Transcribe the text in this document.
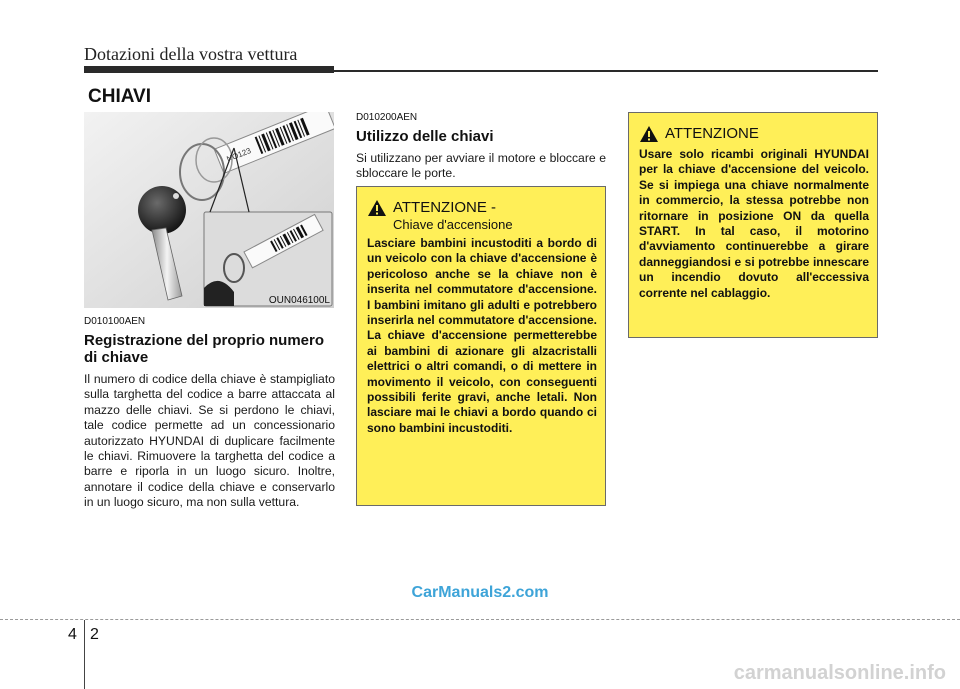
Dotazioni della vostra vettura
CHIAVI
NO123
OUN046100L
D010100AEN
Registrazione del proprio numero di chiave
Il numero di codice della chiave è stampigliato sulla targhetta del codice a barre attaccata al mazzo delle chiavi. Se si perdono le chiavi, tale codice permette ad un concessionario autorizzato HYUNDAI di duplicare facilmente le chiavi. Rimuovere la targhetta del codice a barre e riporla in un luogo sicuro. Inoltre, annotare il codice della chiave e conservarlo in un luogo sicuro, ma non sulla vettura.
D010200AEN
Utilizzo delle chiavi
Si utilizzano per avviare il motore e bloccare e sbloccare le porte.
ATTENZIONE -
Chiave d'accensione
Lasciare bambini incustoditi a bordo di un veicolo con la chiave d'accensione è pericoloso anche se la chiave non è inserita nel commutatore d'accensione. I bambini imitano gli adulti e potrebbero inserirla nel commutatore d'accensione. La chiave d'accensione permetterebbe ai bambini di azionare gli alzacristalli elettrici o altri comandi, o di mettere in movimento il veicolo, con conseguenti possibili ferite gravi, anche letali. Non lasciare mai le chiavi a bordo quando ci sono bambini incustoditi.
ATTENZIONE
Usare solo ricambi originali HYUNDAI per la chiave d'accensione del veicolo. Se si impiega una chiave normalmente in commercio, la stessa potrebbe non ritornare in posizione ON da quella START. In tal caso, il motorino d'avviamento continuerebbe a girare danneggiandosi e si potrebbe innescare un incendio dovuto all'eccessiva corrente nel cablaggio.
CarManuals2.com
4 2
carmanualsonline.info
